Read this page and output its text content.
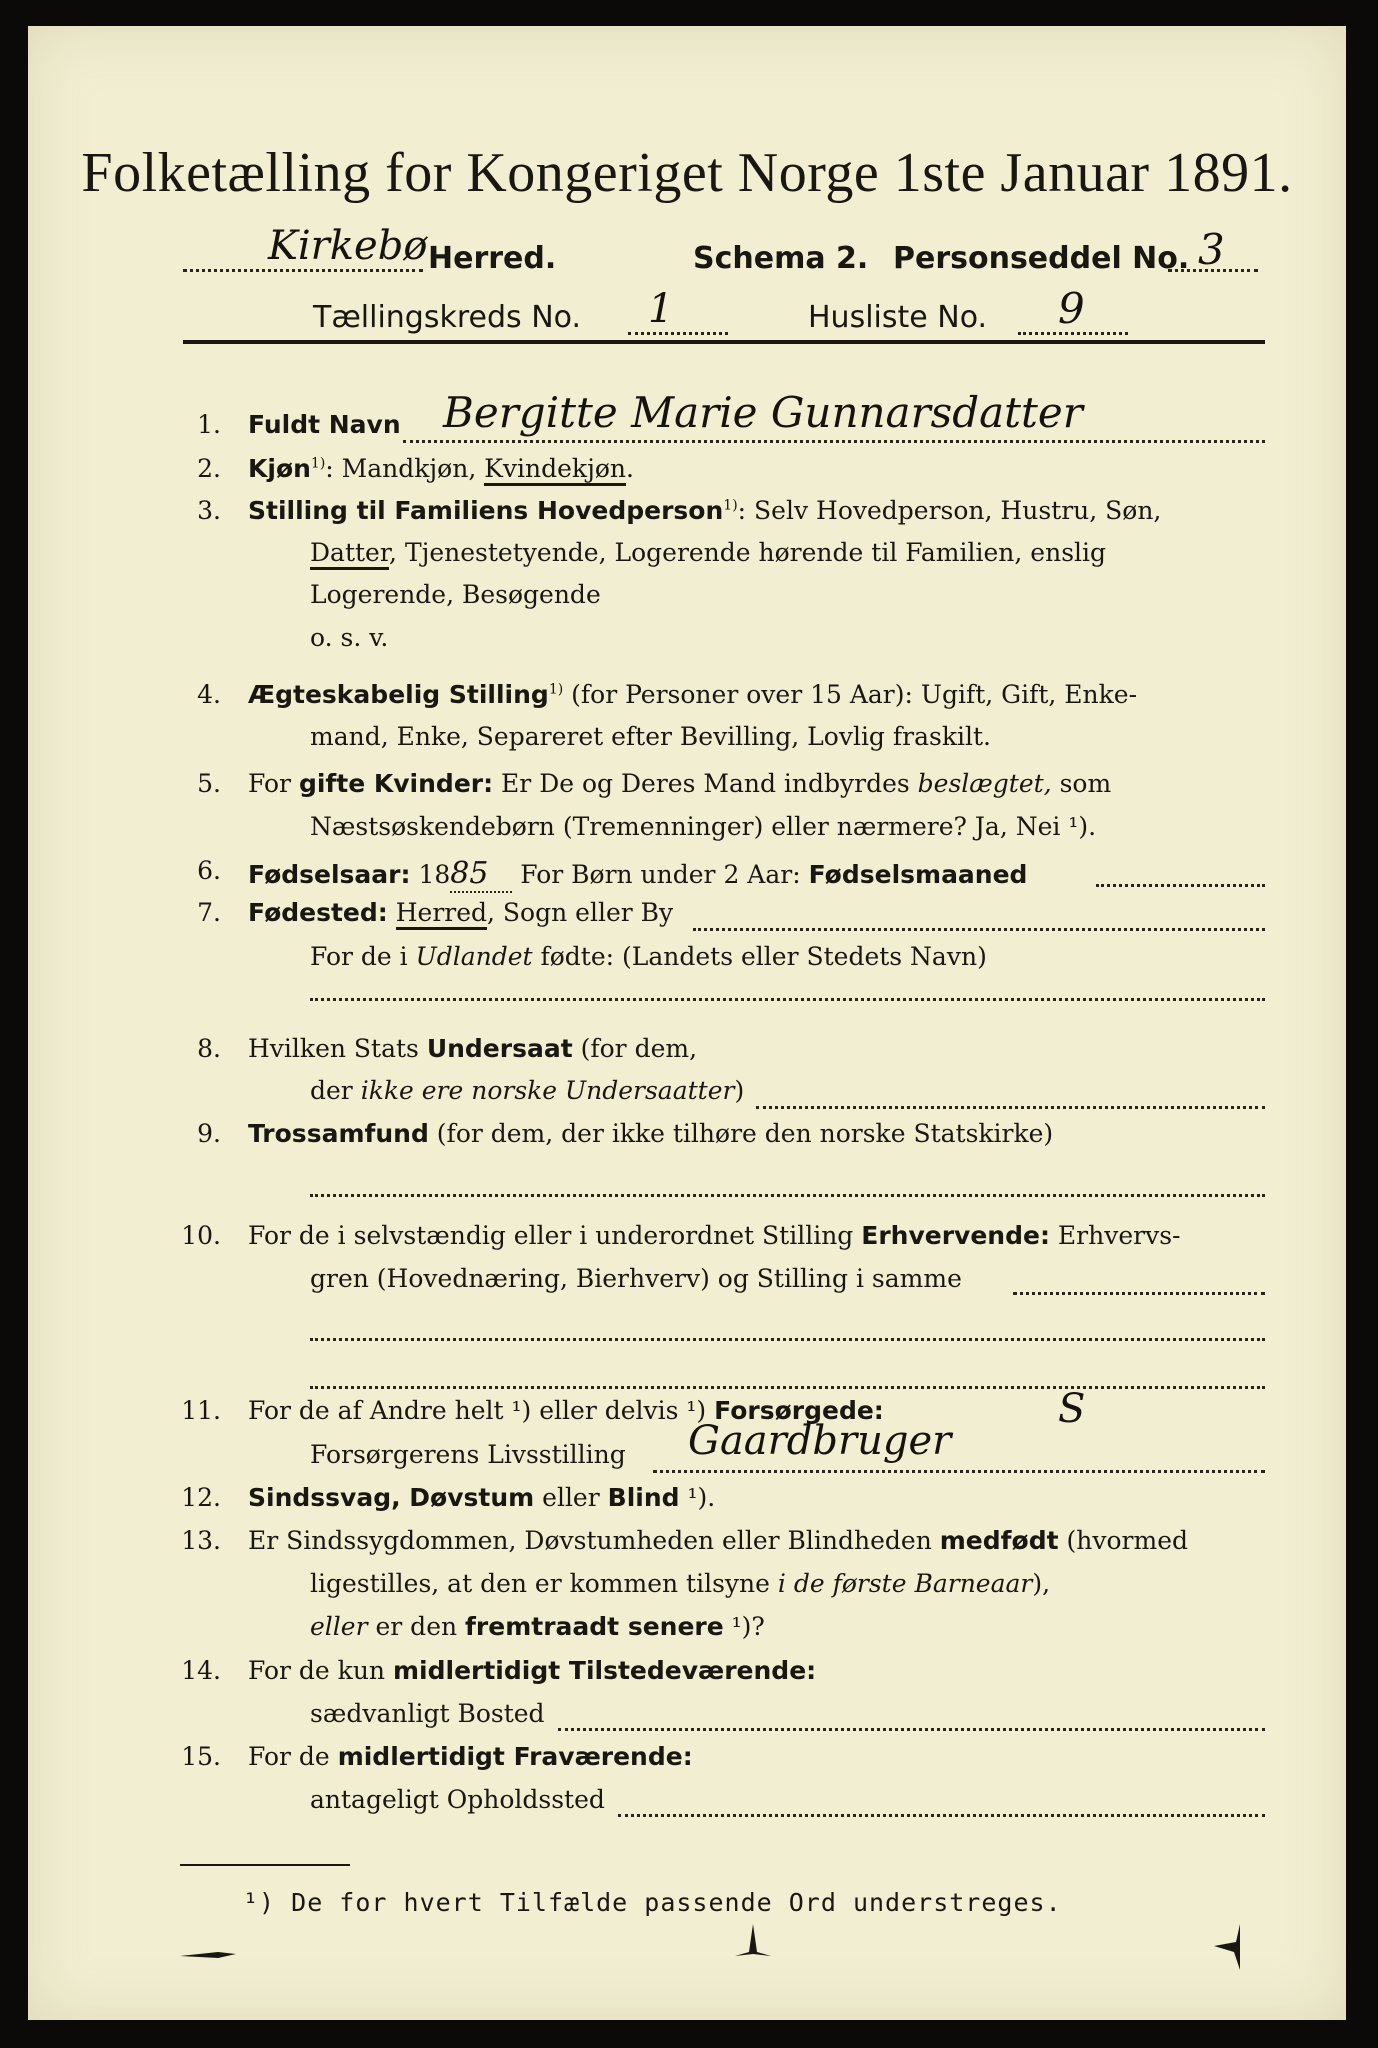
Folketælling for Kongeriget Norge 1ste Januar 1891.
Kirkebø Herred.	Schema 2. Personseddel No. 3
Tællingskreds No. 1	Husliste No. 9
1. Fuldt Navn Bergitte Marie Gunnarsdatter
2. Kjøn$^{1)}$: Mandkjøn, Kvindekjøn.
3. Stilling til Familiens Hovedperson$^{1)}$: Selv Hovedperson, Hustru, Søn,
Datter, Tjenestetyende, Logerende hørende til Familien, enslig
Logerende, Besøgende
o. s. v.
4. Ægteskabelig Stilling$^{1)}$ (for Personer over 15 Aar): Ugift, Gift, Enke-
mand, Enke, Separeret efter Bevilling, Lovlig fraskilt.
5. For gifte Kvinder: Er De og Deres Mand indbyrdes beslægtet, som
Næstsøskendebørn (Tremenninger) eller nærmere? Ja, Nei ¹).
6. Fødselsaar: 1885 For Børn under 2 Aar: Fødselsmaaned
7. Fødested: Herred, Sogn eller By
For de i Udlandet fødte: (Landets eller Stedets Navn)
8. Hvilken Stats Undersaat (for dem,
der ikke ere norske Undersaatter)
9. Trossamfund (for dem, der ikke tilhøre den norske Statskirke)
10. For de i selvstændig eller i underordnet Stilling Erhvervende: Erhvervs-
gren (Hovednæring, Bierhverv) og Stilling i samme
11. For de af Andre helt ¹) eller delvis ¹) Forsørgede:
Forsørgerens Livsstilling Gaardbruger
S
12. Sindssvag, Døvstum eller Blind ¹).
13. Er Sindssygdommen, Døvstumheden eller Blindheden medfødt (hvormed
ligestilles, at den er kommen tilsyne i de første Barneaar),
eller er den fremtraadt senere ¹)?
14. For de kun midlertidigt Tilstedeværende:
sædvanligt Bosted
15. For de midlertidigt Fraværende:
antageligt Opholdssted
¹) De for hvert Tilfælde passende Ord understreges.
